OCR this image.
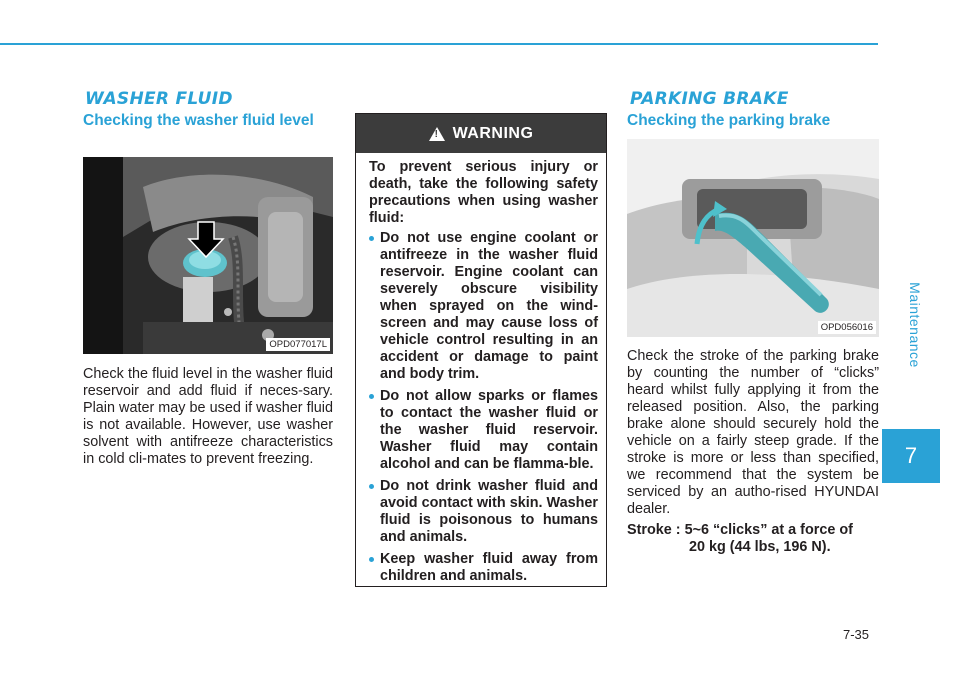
WASHER FLUID
Checking the washer fluid level
OPD077017L
Check the fluid level in the washer fluid reservoir and add fluid if neces-sary. Plain water may be used if washer fluid is not available. However, use washer solvent with antifreeze characteristics in cold cli-mates to prevent freezing.
!
WARNING

To prevent serious injury or death, take the following safety precautions when using washer fluid:

Do not use engine coolant or antifreeze in the washer fluid reservoir. Engine coolant can severely obscure visibility when sprayed on the wind-screen and may cause loss of vehicle control resulting in an accident or damage to paint and body trim.
Do not allow sparks or flames to contact the washer fluid or the washer fluid reservoir. Washer fluid may contain alcohol and can be flamma-ble.
Do not drink washer fluid and avoid contact with skin. Washer fluid is poisonous to humans and animals.
Keep washer fluid away from children and animals.
PARKING BRAKE
Checking the parking brake
OPD056016
Check the stroke of the parking brake by counting the number of “clicks” heard whilst fully applying it from the released position. Also, the parking brake alone should securely hold the vehicle on a fairly steep grade. If the stroke is more or less than specified, we recommend that the system be serviced by an autho-rised HYUNDAI dealer.
Stroke : 5~6 “clicks” at a force of
20 kg (44 lbs, 196 N).
7-35
Maintenance
7
